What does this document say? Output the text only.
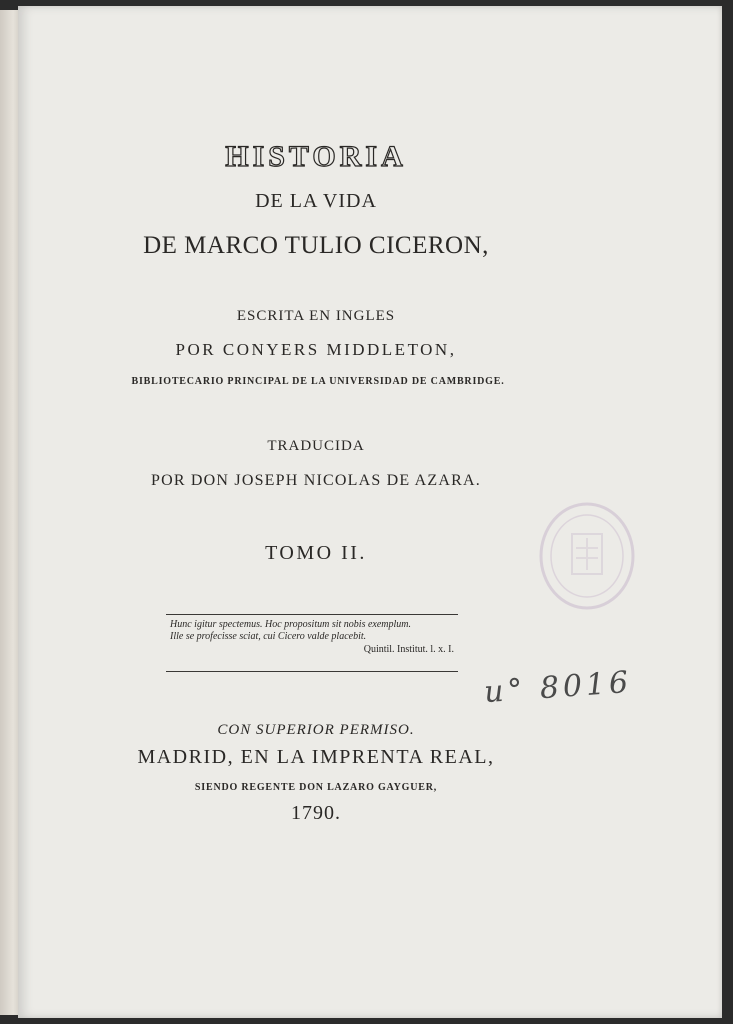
HISTORIA
DE LA VIDA
DE MARCO TULIO CICERON,
ESCRITA EN INGLES
POR CONYERS MIDDLETON,
BIBLIOTECARIO PRINCIPAL DE LA UNIVERSIDAD DE CAMBRIDGE.
TRADUCIDA
POR DON JOSEPH NICOLAS DE AZARA.
TOMO II.
Hunc igitur spectemus. Hoc propositum sit nobis exemplum.
Ille se profecisse sciat, cui Cicero valde placebit.
Quintil. Institut. l. x. I.
u° 8016
CON SUPERIOR PERMISO.
MADRID, EN LA IMPRENTA REAL,
SIENDO REGENTE DON LAZARO GAYGUER,
1790.
